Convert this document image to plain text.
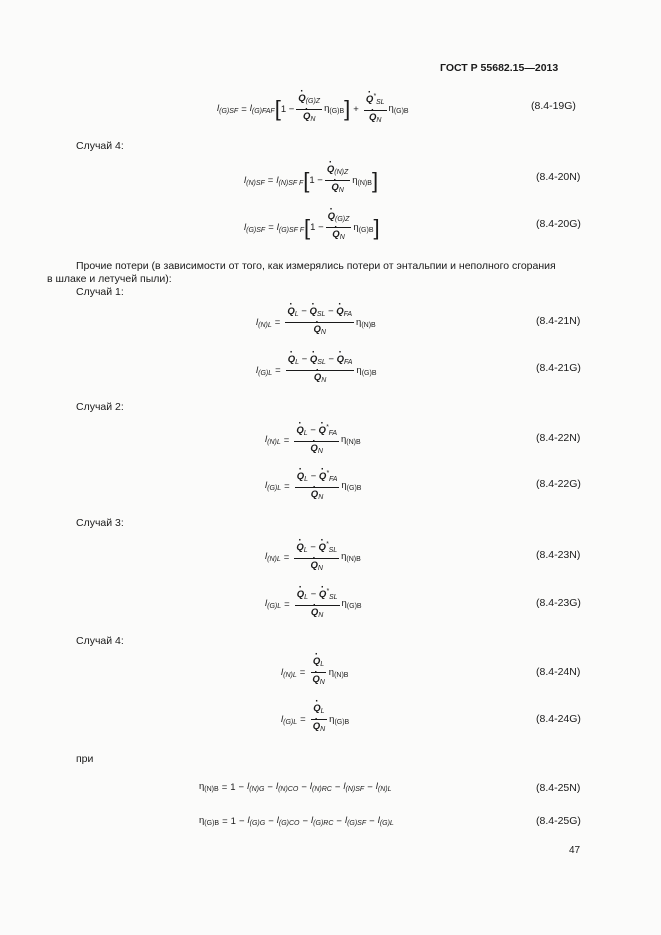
ГОСТ Р 55682.15—2013
$l_{(G)SF} = l_{(G)FAF}$ [ 1 − · $Q_{(G)Z}$
· $Q_N$ $\eta_{(G)B}$ ] + · $Q^*_{SL}$
· $Q_N$ $\eta_{(G)B}$	(8.4-19G)
Случай 4:
$l_{(N)SF} = l_{(N)SF F}$ [ 1 − · $Q_{(N)Z}$
· $Q_N$ $\eta_{(N)B}$ ]	(8.4-20N)
$l_{(G)SF} = l_{(G)SF F}$ [ 1 − · $Q_{(G)Z}$
· $Q_N$ $\eta_{(G)B}$ ]	(8.4-20G)
Прочие потери (в зависимости от того, как измерялись потери от энтальпии и неполного сгорания
в шлаке и летучей пыли):
Случай 1:
$l_{(N)L}$ = · $Q_L$ − · $Q_{SL}$ − · $Q_{FA}$
· $Q_N$ $\eta_{(N)B}$	(8.4-21N)
$l_{(G)L}$ = · $Q_L$ − · $Q_{SL}$ − · $Q_{FA}$
· $Q_N$ $\eta_{(G)B}$	(8.4-21G)
Случай 2:
$l_{(N)L}$ = · $Q_L$ − · $Q^*_{FA}$
· $Q_N$ $\eta_{(N)B}$	(8.4-22N)
$l_{(G)L}$ = · $Q_L$ − · $Q^*_{FA}$
· $Q_N$ $\eta_{(G)B}$	(8.4-22G)
Случай 3:
$l_{(N)L}$ = · $Q_L$ − · $Q^*_{SL}$
· $Q_N$ $\eta_{(N)B}$	(8.4-23N)
$l_{(G)L}$ = · $Q_L$ − · $Q^*_{SL}$
· $Q_N$ $\eta_{(G)B}$	(8.4-23G)
Случай 4:
$l_{(N)L}$ = · $Q_L$
· $Q_N$ $\eta_{(N)B}$	(8.4-24N)
$l_{(G)L}$ = · $Q_L$
· $Q_N$ $\eta_{(G)B}$	(8.4-24G)
при
$\eta_{(N)B} = 1 - l_{(N)G} - l_{(N)CO} - l_{(N)RC} - l_{(N)SF} - l_{(N)L}$	(8.4-25N)
$\eta_{(G)B} = 1 - l_{(G)G} - l_{(G)CO} - l_{(G)RC} - l_{(G)SF} - l_{(G)L}$	(8.4-25G)
47
